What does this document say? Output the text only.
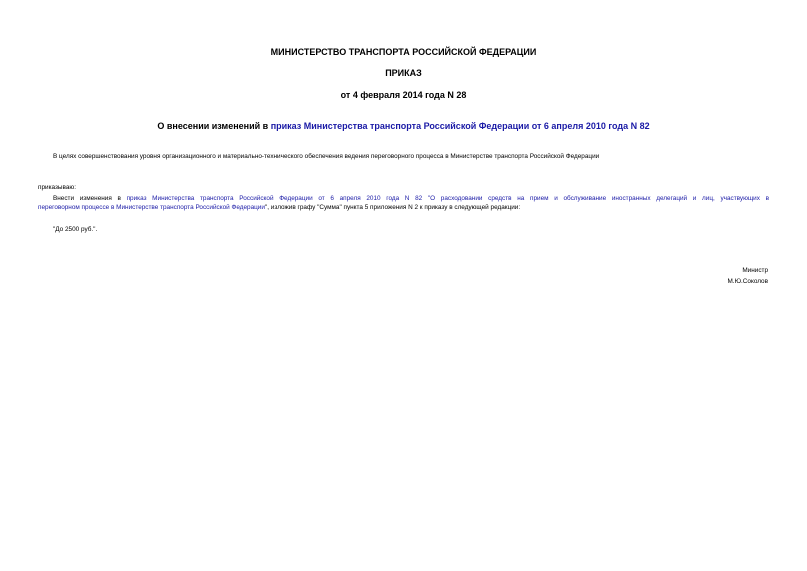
МИНИСТЕРСТВО ТРАНСПОРТА РОССИЙСКОЙ ФЕДЕРАЦИИ
ПРИКАЗ
от 4 февраля 2014 года N 28
О внесении изменений в приказ Министерства транспорта Российской Федерации от 6 апреля 2010 года N 82
В целях совершенствования уровня организационного и материально-технического обеспечения ведения переговорного процесса в Министерстве транспорта Российской Федерации
приказываю:
Внести изменения в приказ Министерства транспорта Российской Федерации от 6 апреля 2010 года N 82 "О расходовании средств на прием и обслуживание иностранных делегаций и лиц, участвующих в
переговорном процессе в Министерстве транспорта Российской Федерации", изложив графу "Сумма" пункта 5 приложения N 2 к приказу в следующей редакции:
"До 2500 руб.".
Министр
М.Ю.Соколов
